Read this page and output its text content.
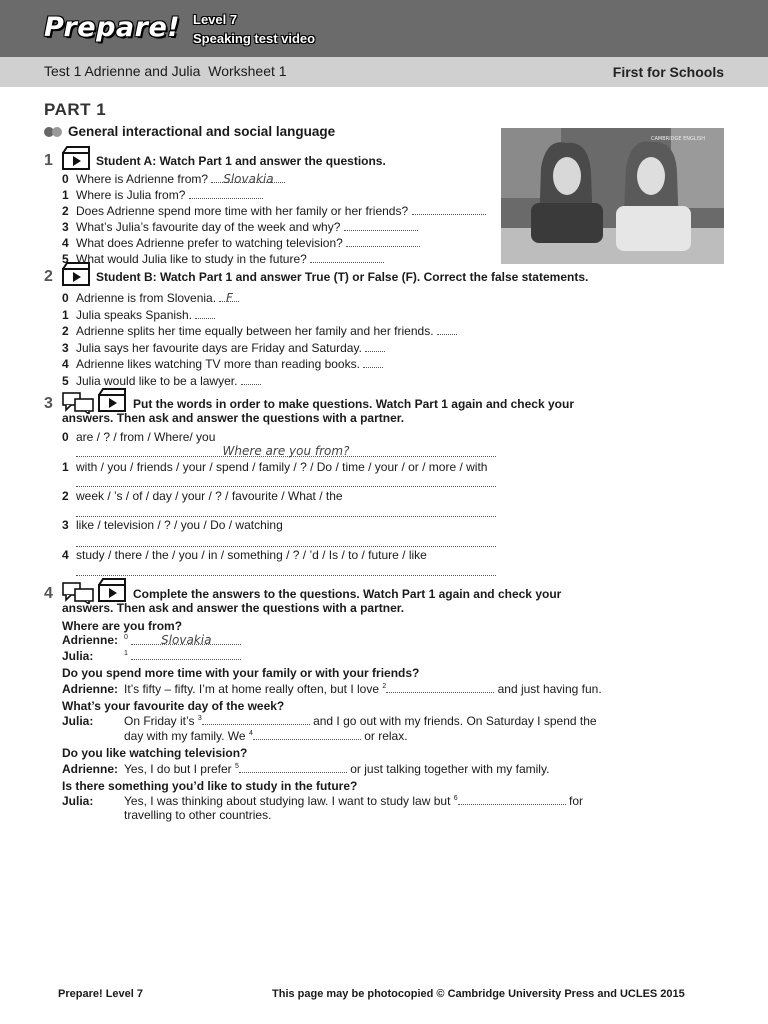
Prepare! Level 7
Speaking test video
Test 1 Adrienne and Julia Worksheet 1	First for Schools
PART 1
General interactional and social language	CAMBRIDGE ENGLISH
1	Student A: Watch Part 1 and answer the questions.
0 Where is Adrienne from? Slovakia
1 Where is Julia from?
2 Does Adrienne spend more time with her family or her friends?
3 What’s Julia’s favourite day of the week and why?
4 What does Adrienne prefer to watching television?
5 What would Julia like to study in the future?
2	Student B: Watch Part 1 and answer True (T) or False (F). Correct the false statements.
0 Adrienne is from Slovenia. F
1 Julia speaks Spanish.
2 Adrienne splits her time equally between her family and her friends.
3 Julia says her favourite days are Friday and Saturday.
4 Adrienne likes watching TV more than reading books.
5 Julia would like to be a lawyer.
3	Put the words in order to make questions. Watch Part 1 again and check your
answers. Then ask and answer the questions with a partner.
0 are / ? / from / Where/ you
Where are you from?
1 with / you / friends / your / spend / family / ? / Do / time / your / or / more / with
2 week / ’s / of / day / your / ? / favourite / What / the
3 like / television / ? / you / Do / watching
4 study / there / the / you / in / something / ? / ’d / Is / to / future / like
4	Complete the answers to the questions. Watch Part 1 again and check your
answers. Then ask and answer the questions with a partner.
Where are you from?
Adrienne: $^0$	Slovakia
Julia:	$^1$
Do you spend more time with your family or with your friends?
Adrienne: It’s fifty – fifty. I’m at home really often, but I love $^2$	and just having fun.
What’s your favourite day of the week?
Julia:	On Friday it’s $^3$	and I go out with my friends. On Saturday I spend the
day with my family. We $^4$	or relax.
Do you like watching television?
Adrienne: Yes, I do but I prefer $^5$	or just talking together with my family.
Is there something you’d like to study in the future?
Julia:	Yes, I was thinking about studying law. I want to study law but $^6$	for
travelling to other countries.
Prepare! Level 7	This page may be photocopied © Cambridge University Press and UCLES 2015
